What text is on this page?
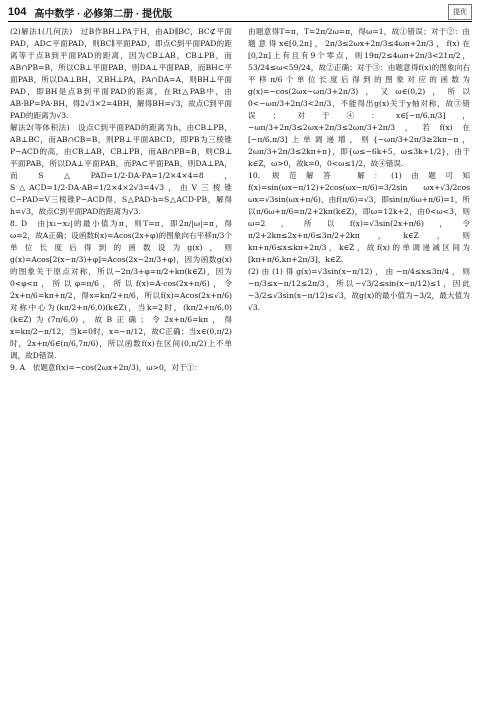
104 高中数学 · 必修第二册 · 提优版	提优

(2)解法1(几何法)　过B作BH⊥PA于H，由AD∥BC，BC⊄平面PAD，AD⊂平面PAD，则BC∥平面PAD，即点C到平面PAD的距离等于点B到平面PAD的距离，因为CB⊥AB，CB⊥PB，而AB∩PB=B，所以CB⊥平面PAB，则DA⊥平面PAB，而BH⊂平面PAB，所以DA⊥BH，又BH⊥PA，PA∩DA=A，则BH⊥平面PAD，即BH是点B到平面PAD的距离，在Rt△PAB中，由AB·BP=PA·BH，得2√3×2=4BH，解得BH=√3，故点C到平面PAD的距离为√3.

解法2(等体积法)　设点C到平面PAD的距离为h，由CB⊥PB，AB⊥BC，而AB∩CB=B，则PB⊥平面ABCD，即PB为三棱锥P−ACD的高，由CB⊥AB，CB⊥PB，而AB∩PB=B，则CB⊥平面PAB，所以DA⊥平面PAB，而PA⊂平面PAB，则DA⊥PA，而S△PAD=1/2·DA·PA=1/2×4×4=8，S△ACD=1/2·DA·AB=1/2×4×2√3=4√3，由V三棱锥C−PAD=V三棱锥P−ACD得，S△PAD·h=S△ACD·PB，解得h=√3，故点C到平面PAD的距离为√3.

8. D　由|x₁−x₂|的最小值为π，则T=π，即2π/|ω|=π，得ω=2，故A正确；设函数f(x)=Acos(2x+φ)的图象向右平移π/3个单位长度后得到的函数设为g(x)，则g(x)=Acos[2(x−π/3)+φ]=Acos(2x−2π/3+φ)，因为函数g(x)的图象关于原点对称，所以−2π/3+φ=π/2+kπ(k∈Z)，因为0<φ<π，所以φ=π/6，所以f(x)=A·cos(2x+π/6)，令2x+π/6=kπ+π/2，得x=kπ/2+π/6，所以f(x)=Acos(2x+π/6)对称中心为(kπ/2+π/6,0)(k∈Z)，当k=2时，(kπ/2+π/6,0)(k∈Z)为(7π/6,0)，故B正确；令2x+π/6=kπ，得x=kπ/2−π/12，当k=0时，x=−π/12，故C正确；当x∈(0,π/2)时，2x+π/6∈(π/6,7π/6)，所以函数f(x)在区间(0,π/2)上不单调，故D错误.

9. A　依题意f(x)=−cos(2ωx+2π/3)，ω>0，对于①：

由题意得T=π，T=2π/2ω=π，得ω=1，故①错误；对于②：由题意得x∈[0,2π]，2π/3≤2ωx+2π/3≤4ωπ+2π/3，f(x)在[0,2π]上有且有9个零点，则19π/2≤4ωπ+2π/3<21π/2，53/24≤ω<59/24，故②正确；对于③：由题意得f(x)的图象向右平移π/6个单位长度后得到的图象对应的函数为g(x)=−cos(2ωx−ωπ/3+2π/3)，又ω∈(0,2)，所以0<−ωπ/3+2π/3<2π/3，不能得出g(x)关于y轴对称，故③错误；对于④：x∈[−π/6,π/3]，−ωπ/3+2π/3≤2ωx+2π/3≤2ωπ/3+2π/3，若f(x)在[−π/6,π/3]上单调递增，则{−ωπ/3+2π/3≥2kπ−π，2ωπ/3+2π/3≤2kπ+π}，即{ω≤−6k+5，ω≤3k+1/2}，由于k∈Z，ω>0，故k=0，0<ω≤1/2，故④错误.

10. 规范解答　解：(1)由题可知f(x)=sin(ωx−π/12)+2cos(ωx−π/6)=3/2sin ωx+√3/2cos ωx=√3sin(ωx+π/6)，由f(π/6)=√3，即sin(π/6ω+π/6)=1，所以π/6ω+π/6=π/2+2kπ(k∈Z)，即ω=12k+2，由0<ω<3，则ω=2，所以f(x)=√3sin(2x+π/6)，令π/2+2kπ≤2x+π/6≤3π/2+2kπ，k∈Z，则kπ+π/6≤x≤kπ+2π/3，k∈Z，故f(x)的单调递减区间为[kπ+π/6,kπ+2π/3]，k∈Z.

(2)由(1)得g(x)=√3sin(x−π/12)，由−π/4≤x≤3π/4，则−π/3≤x−π/12≤2π/3，所以−√3/2≤sin(x−π/12)≤1，因此−3/2≤√3sin(x−π/12)≤√3，故g(x)的最小值为−3/2，最大值为√3.
